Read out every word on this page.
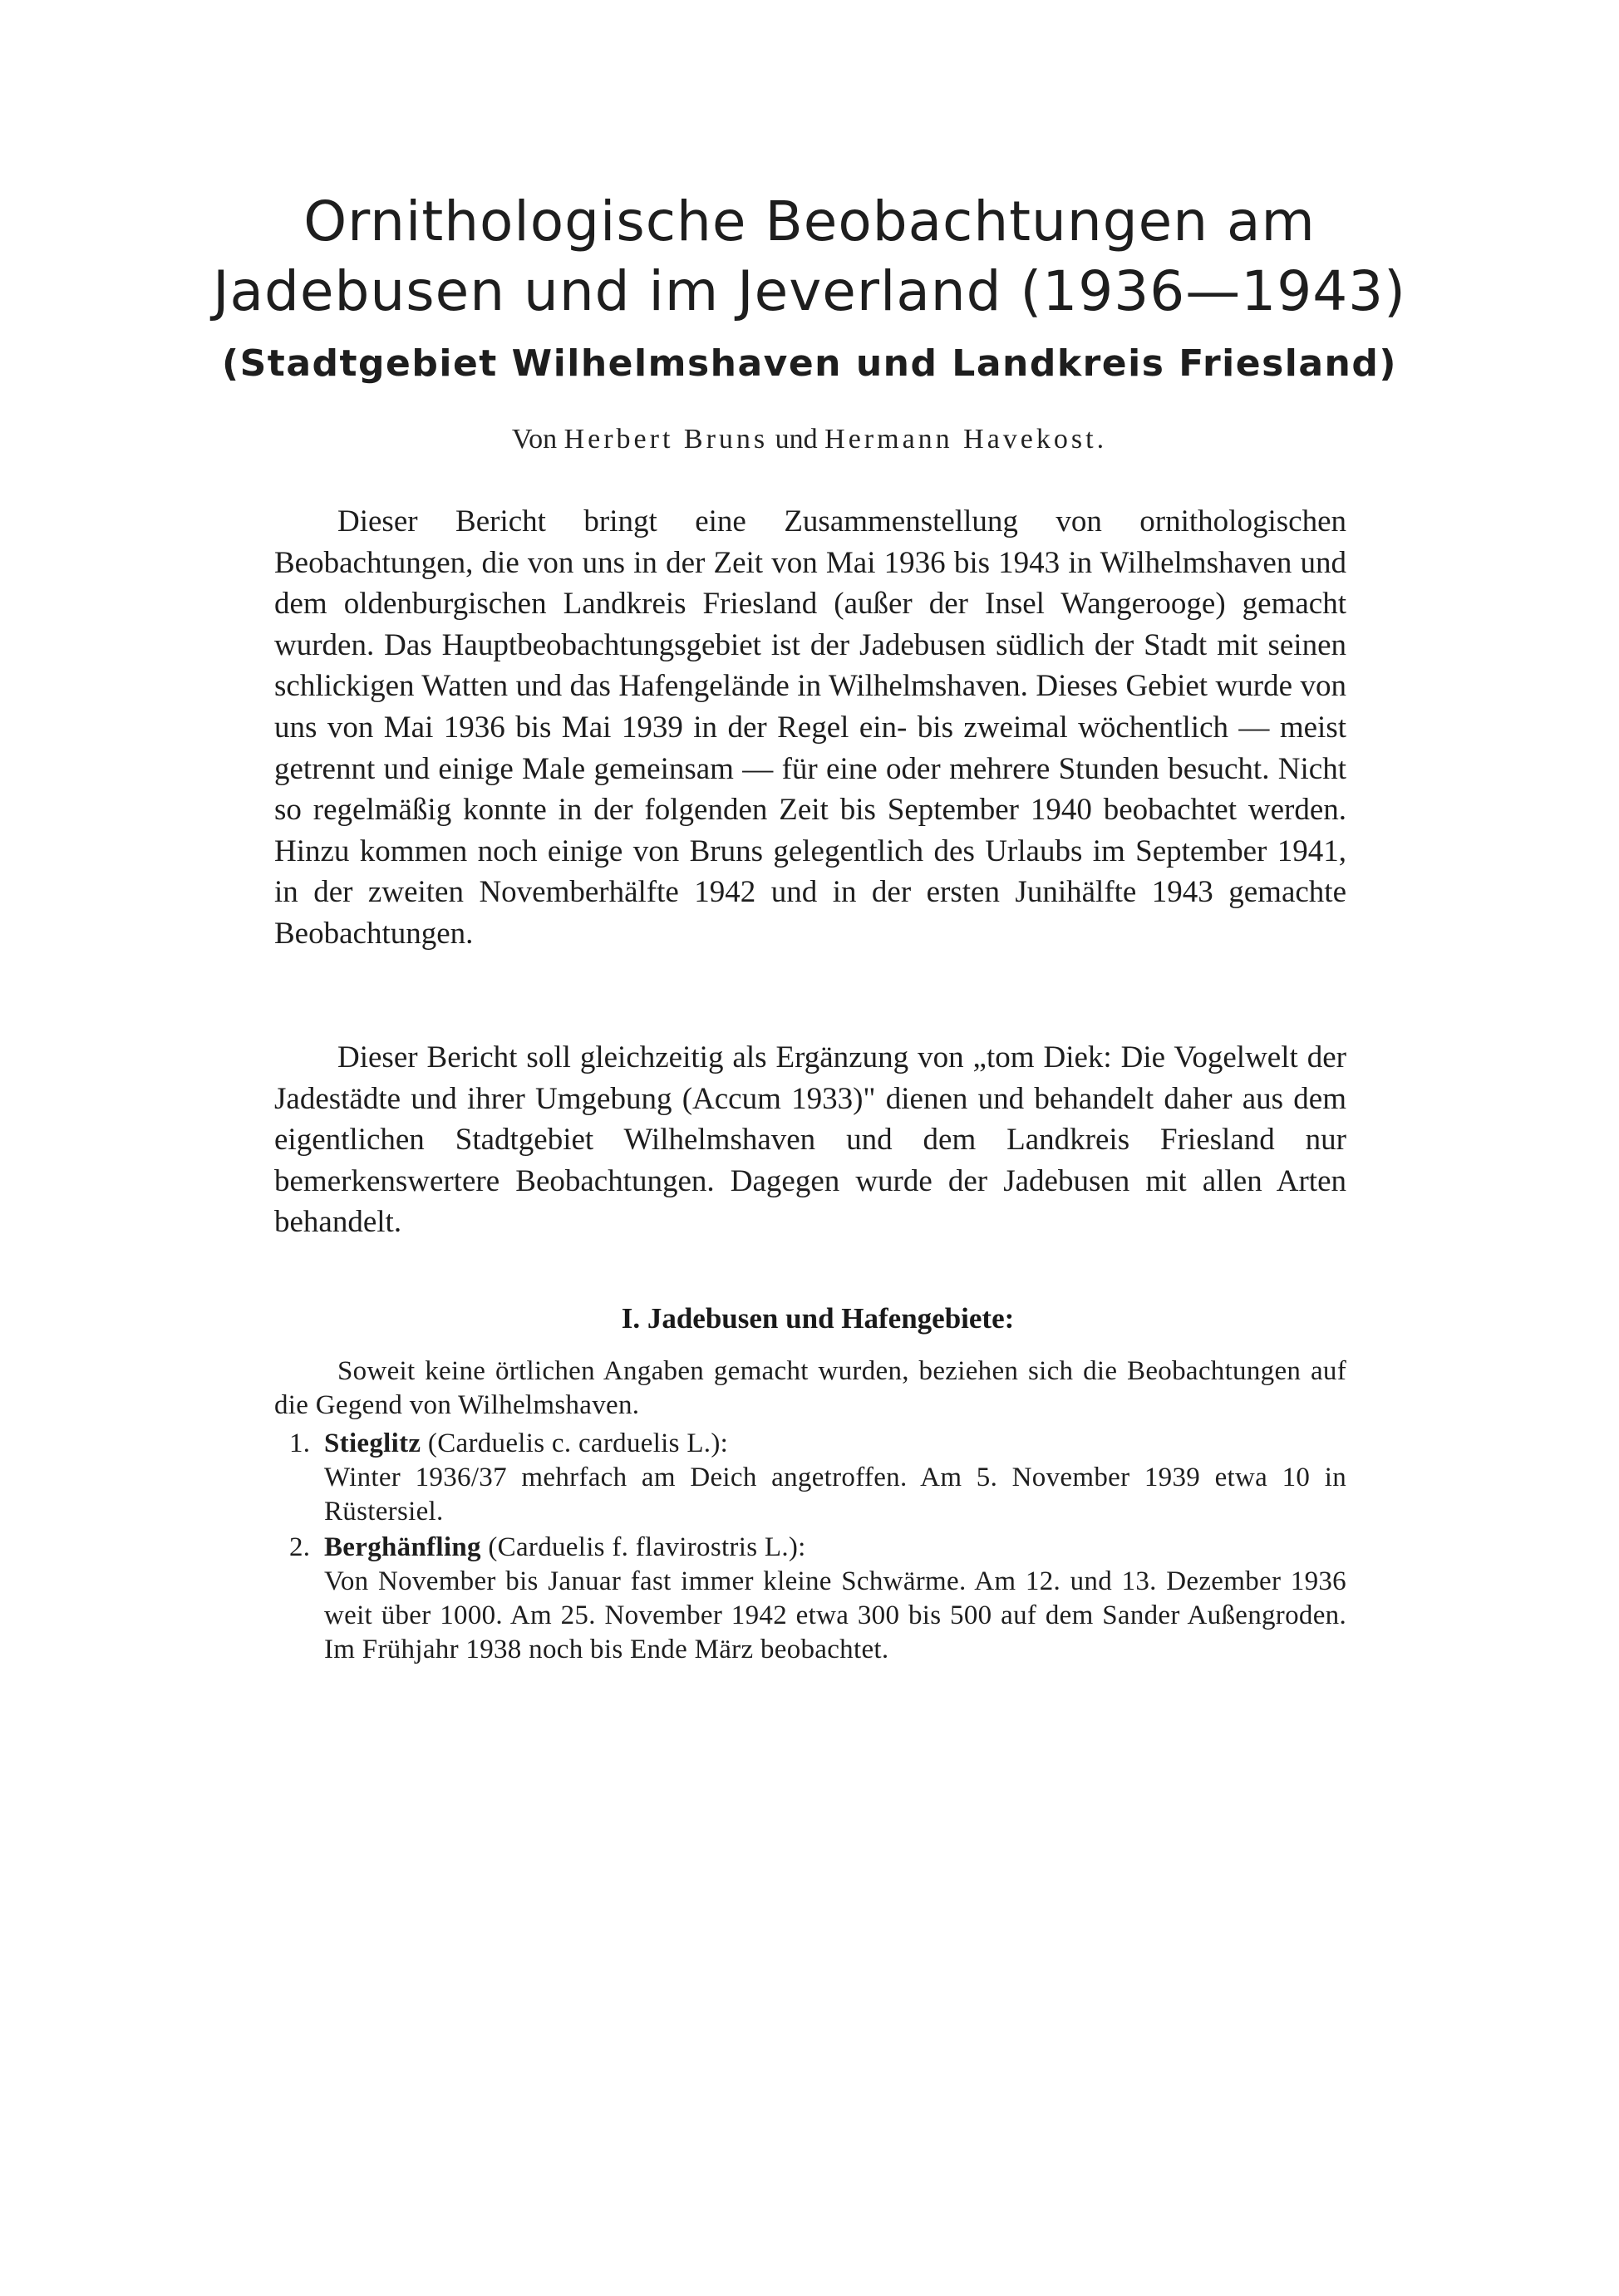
Ornithologische Beobachtungen am
Jadebusen und im Jeverland (1936—1943)
(Stadtgebiet Wilhelmshaven und Landkreis Friesland)

Von Herbert Bruns und Hermann Havekost.

Dieser Bericht bringt eine Zusammenstellung von ornithologischen Beobachtungen, die von uns in der Zeit von Mai 1936 bis 1943 in Wilhelmshaven und dem oldenburgischen Landkreis Friesland (außer der Insel Wangerooge) gemacht wurden. Das Hauptbeobachtungsgebiet ist der Jadebusen südlich der Stadt mit seinen schlickigen Watten und das Hafengelände in Wilhelmshaven. Dieses Gebiet wurde von uns von Mai 1936 bis Mai 1939 in der Regel ein- bis zweimal wöchentlich — meist getrennt und einige Male gemeinsam — für eine oder mehrere Stunden besucht. Nicht so regelmäßig konnte in der folgenden Zeit bis September 1940 beobachtet werden. Hinzu kommen noch einige von Bruns gelegentlich des Urlaubs im September 1941, in der zweiten Novemberhälfte 1942 und in der ersten Junihälfte 1943 gemachte Beobachtungen.

Dieser Bericht soll gleichzeitig als Ergänzung von „tom Diek: Die Vogelwelt der Jadestädte und ihrer Umgebung (Accum 1933)" dienen und behandelt daher aus dem eigentlichen Stadtgebiet Wilhelmshaven und dem Landkreis Friesland nur bemerkenswertere Beobachtungen. Dagegen wurde der Jadebusen mit allen Arten behandelt.

I. Jadebusen und Hafengebiete:

Soweit keine örtlichen Angaben gemacht wurden, beziehen sich die Beobachtungen auf die Gegend von Wilhelmshaven.

1. Stieglitz (Carduelis c. carduelis L.):
Winter 1936/37 mehrfach am Deich angetroffen. Am 5. November 1939 etwa 10 in Rüstersiel.
2. Berghänfling (Carduelis f. flavirostris L.):
Von November bis Januar fast immer kleine Schwärme. Am 12. und 13. Dezember 1936 weit über 1000. Am 25. November 1942 etwa 300 bis 500 auf dem Sander Außengroden. Im Frühjahr 1938 noch bis Ende März beobachtet.
